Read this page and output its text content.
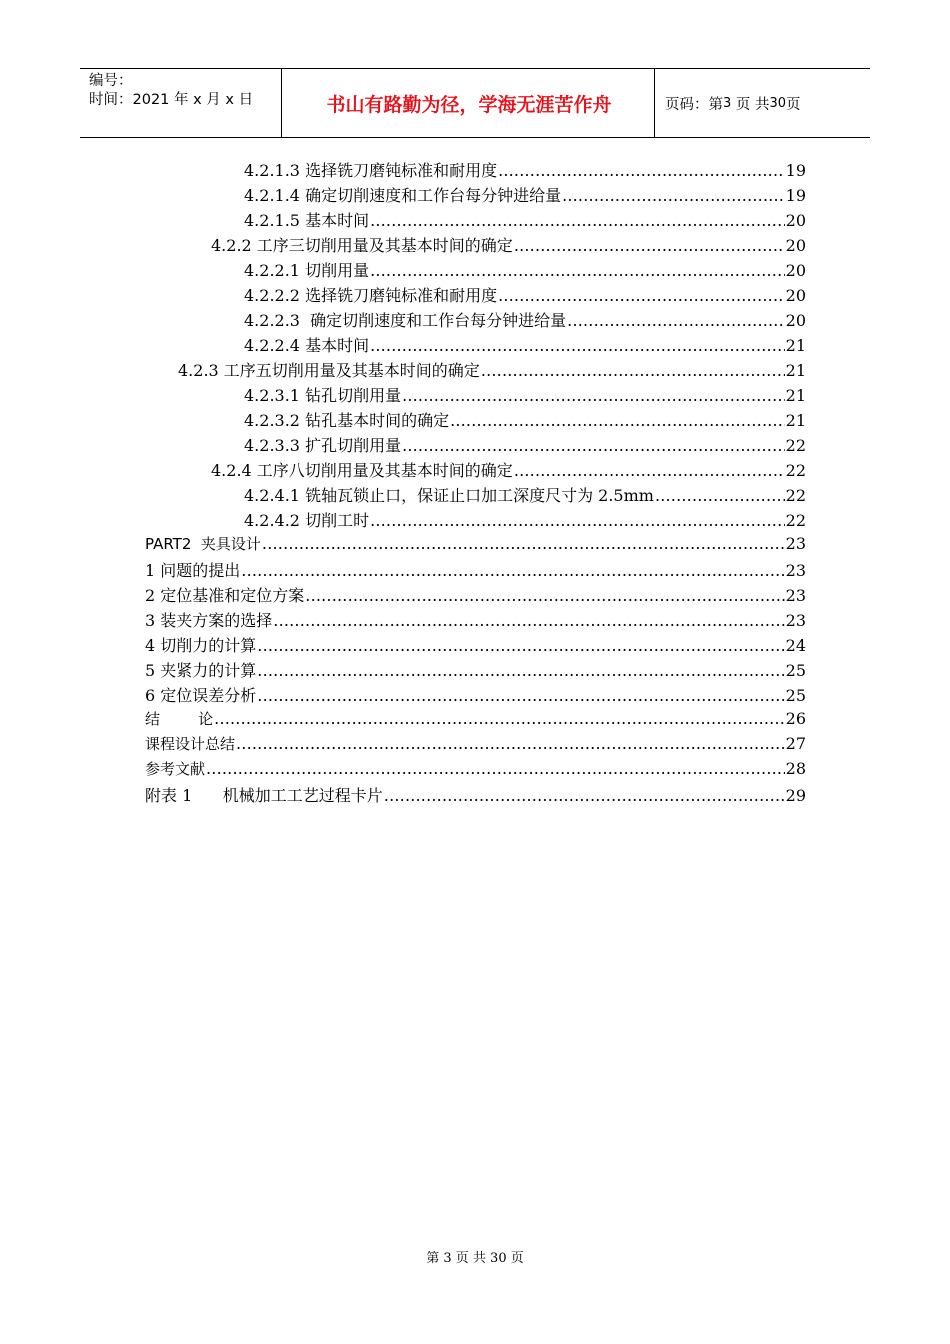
编号：
时间：2021 年 x 月 x 日	书山有路勤为径，学海无涯苦作舟	页码：第 3
页 共 30 页
4.2.1.3 选择铣刀磨钝标准和耐用度 .....	19
4.2.1.4 确定切削速度和工作台每分钟进给量 .....	19
4.2.1.5 基本时间 .....	20
4.2.2 工序三切削用量及其基本时间的确定 .....	20
4.2.2.1 切削用量 .....	20
4.2.2.2 选择铣刀磨钝标准和耐用度 .....	20
4.2.2.3  确定切削速度和工作台每分钟进给量 .....	20
4.2.2.4 基本时间 .....	21
4.2.3 工序五切削用量及其基本时间的确定 .....	21
4.2.3.1 钻孔切削用量 .....	21
4.2.3.2 钻孔基本时间的确定 .....	21
4.2.3.3 扩孔切削用量 .....	22
4.2.4 工序八切削用量及其基本时间的确定 .....	22
4.2.4.1 铣轴瓦锁止口，保证止口加工深度尺寸为 2.5mm .....	22
4.2.4.2 切削工时 .....	22
PART2  夹具设计 .....	23
1 问题的提出 .....	23
2 定位基准和定位方案 .....	23
3 装夹方案的选择 .....	23
4 切削力的计算 .....	24
5 夹紧力的计算 .....	25
6 定位误差分析 .....	25
结        论 .....	26
课程设计总结 .....	27
参考文献 .....	28
附表 1      机械加工工艺过程卡片 .....	29
第 3 页 共 30 页
